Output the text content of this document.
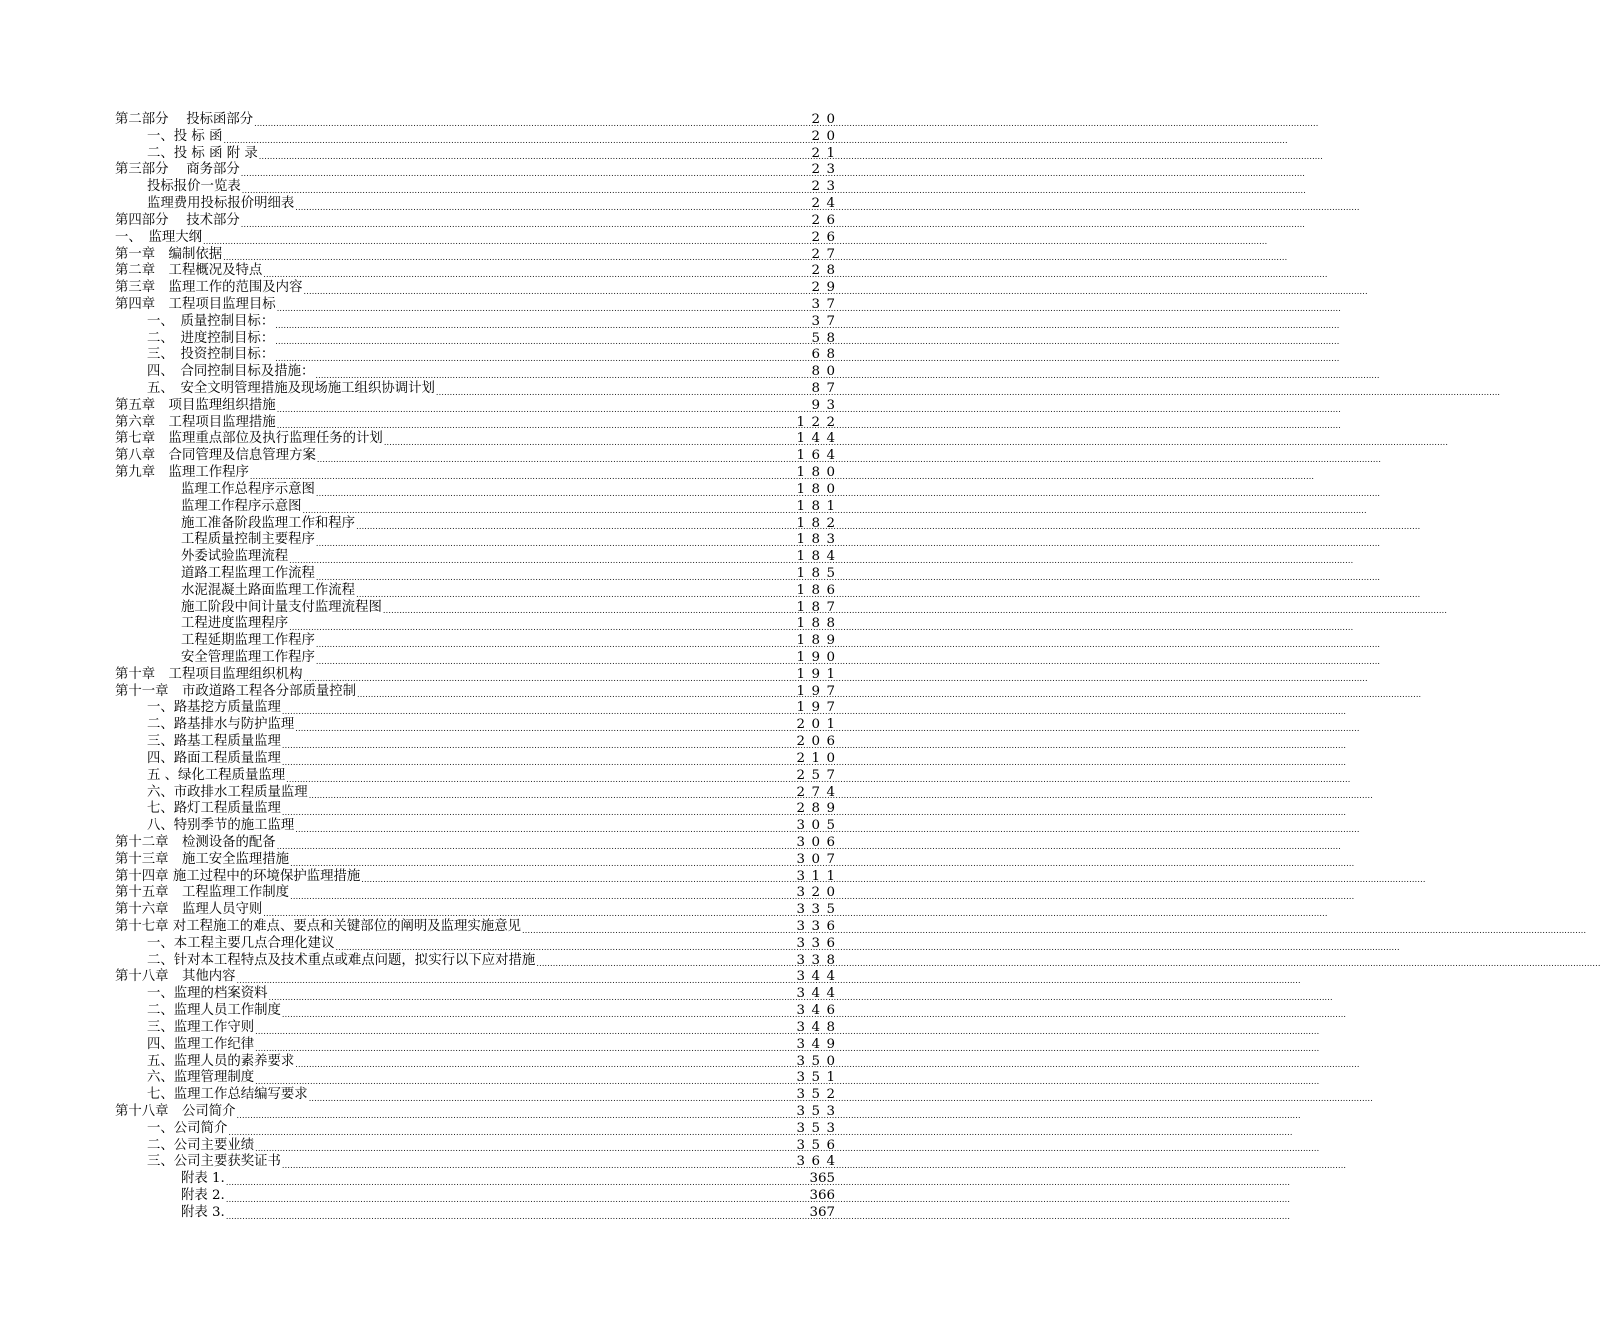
第二部分　 投标函部分 .....	20
一、投 标 函 .....	20
二、投 标 函 附 录 .....	21
第三部分　 商务部分 .....	23
投标报价一览表 .....	23
监理费用投标报价明细表 .....	24
第四部分　 技术部分 .....	26
一、　监理大纲 .....	26
第一章　编制依据 .....	27
第二章　工程概况及特点 .....	28
第三章　监理工作的范围及内容 .....	29
第四章　工程项目监理目标 .....	37
一、　质量控制目标： .....	37
二、　进度控制目标： .....	58
三、　投资控制目标： .....	68
四、　合同控制目标及措施： .....	80
五、　安全文明管理措施及现场施工组织协调计划 .....	87
第五章　项目监理组织措施 .....	93
第六章　工程项目监理措施 .....	122
第七章　监理重点部位及执行监理任务的计划 .....	144
第八章　合同管理及信息管理方案 .....	164
第九章　监理工作程序 .....	180
监理工作总程序示意图 .....	180
监理工作程序示意图 .....	181
施工准备阶段监理工作和程序 .....	182
工程质量控制主要程序 .....	183
外委试验监理流程 .....	184
道路工程监理工作流程 .....	185
水泥混凝土路面监理工作流程 .....	186
施工阶段中间计量支付监理流程图 .....	187
工程进度监理程序 .....	188
工程延期监理工作程序 .....	189
安全管理监理工作程序 .....	190
第十章　工程项目监理组织机构 .....	191
第十一章　市政道路工程各分部质量控制 .....	197
一、路基挖方质量监理 .....	197
二、路基排水与防护监理 .....	201
三、路基工程质量监理 .....	206
四、路面工程质量监理 .....	210
五 、绿化工程质量监理 .....	257
六、市政排水工程质量监理 .....	274
七、路灯工程质量监理 .....	289
八、特别季节的施工监理 .....	305
第十二章　检测设备的配备 .....	306
第十三章　施工安全监理措施 .....	307
第十四章 施工过程中的环境保护监理措施 .....	311
第十五章　工程监理工作制度 .....	320
第十六章　监理人员守则 .....	335
第十七章 对工程施工的难点、要点和关键部位的阐明及监理实施意见 .....	336
一、本工程主要几点合理化建议 .....	336
二、针对本工程特点及技术重点或难点问题，拟实行以下应对措施 .....	338
第十八章　其他内容 .....	344
一、监理的档案资料 .....	344
二、监理人员工作制度 .....	346
三、监理工作守则 .....	348
四、监理工作纪律 .....	349
五、监理人员的素养要求 .....	350
六、监理管理制度 .....	351
七、监理工作总结编写要求 .....	352
第十八章　公司简介 .....	353
一、公司简介 .....	353
二、公司主要业绩 .....	356
三、公司主要获奖证书 .....	364
附表 1. .....	365
附表 2. .....	366
附表 3. .....	367
